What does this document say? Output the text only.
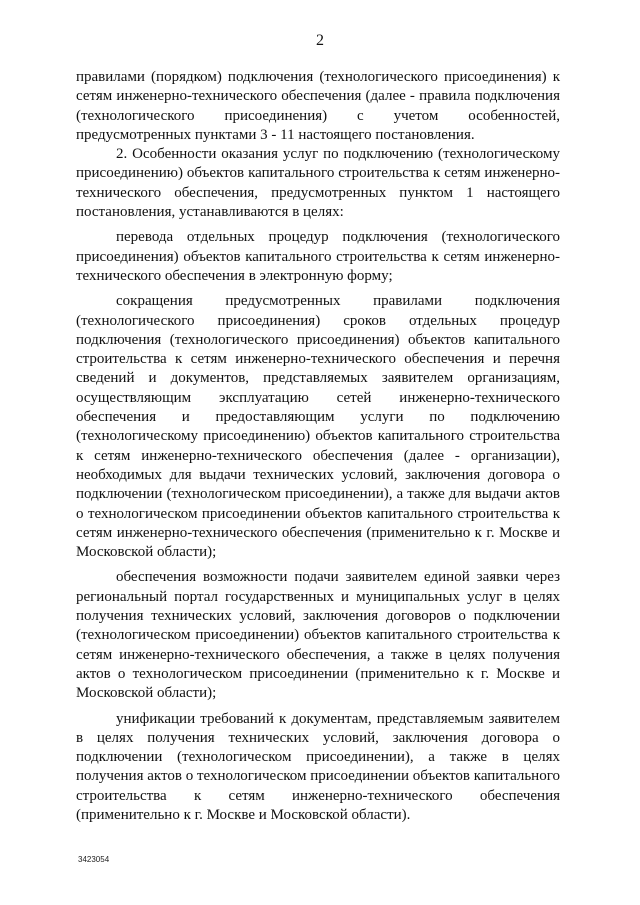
2

правилами (порядком) подключения (технологического присоединения) к сетям инженерно-технического обеспечения (далее - правила подключения (технологического присоединения) с учетом особенностей, предусмотренных пунктами 3 - 11 настоящего постановления.

2. Особенности оказания услуг по подключению (технологическому присоединению) объектов капитального строительства к сетям инженерно-технического обеспечения, предусмотренных пунктом 1 настоящего постановления, устанавливаются в целях:

перевода отдельных процедур подключения (технологического присоединения) объектов капитального строительства к сетям инженерно-технического обеспечения в электронную форму;

сокращения предусмотренных правилами подключения (технологического присоединения) сроков отдельных процедур подключения (технологического присоединения) объектов капитального строительства к сетям инженерно-технического обеспечения и перечня сведений и документов, представляемых заявителем организациям, осуществляющим эксплуатацию сетей инженерно-технического обеспечения и предоставляющим услуги по подключению (технологическому присоединению) объектов капитального строительства к сетям инженерно-технического обеспечения (далее - организации), необходимых для выдачи технических условий, заключения договора о подключении (технологическом присоединении), а также для выдачи актов о технологическом присоединении объектов капитального строительства к сетям инженерно-технического обеспечения (применительно к г. Москве и Московской области);

обеспечения возможности подачи заявителем единой заявки через региональный портал государственных и муниципальных услуг в целях получения технических условий, заключения договоров о подключении (технологическом присоединении) объектов капитального строительства к сетям инженерно-технического обеспечения, а также в целях получения актов о технологическом присоединении (применительно к г. Москве и Московской области);

унификации требований к документам, представляемым заявителем в целях получения технических условий, заключения договора о подключении (технологическом присоединении), а также в целях получения актов о технологическом присоединении объектов капитального строительства к сетям инженерно-технического обеспечения (применительно к г. Москве и Московской области).

3423054
